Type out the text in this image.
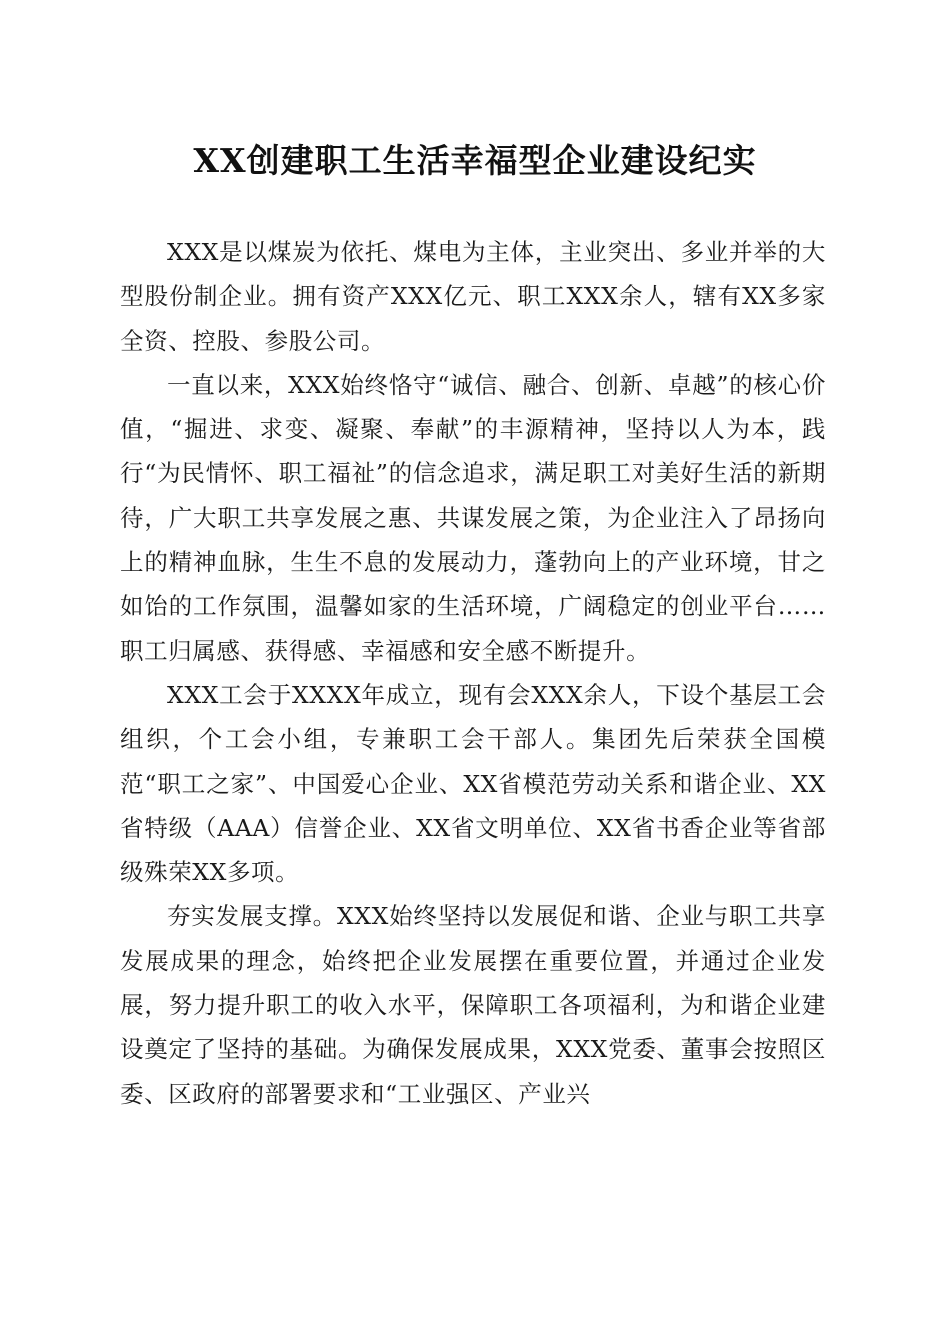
XX创建职工生活幸福型企业建设纪实

XXX是以煤炭为依托、煤电为主体，主业突出、多业并举的大型股份制企业。拥有资产XXX亿元、职工XXX余人，辖有XX多家全资、控股、参股公司。

一直以来，XXX始终恪守“诚信、融合、创新、卓越”的核心价值，“掘进、求变、凝聚、奉献”的丰源精神，坚持以人为本，践行“为民情怀、职工福祉”的信念追求，满足职工对美好生活的新期待，广大职工共享发展之惠、共谋发展之策，为企业注入了昂扬向上的精神血脉，生生不息的发展动力，蓬勃向上的产业环境，甘之如饴的工作氛围，温馨如家的生活环境，广阔稳定的创业平台……职工归属感、获得感、幸福感和安全感不断提升。

XXX工会于XXXX年成立，现有会XXX余人，下设个基层工会组织，个工会小组，专兼职工会干部人。集团先后荣获全国模范“职工之家”、中国爱心企业、XX省模范劳动关系和谐企业、XX省特级（AAA）信誉企业、XX省文明单位、XX省书香企业等省部级殊荣XX多项。

夯实发展支撑。XXX始终坚持以发展促和谐、企业与职工共享发展成果的理念，始终把企业发展摆在重要位置，并通过企业发展，努力提升职工的收入水平，保障职工各项福利，为和谐企业建设奠定了坚持的基础。为确保发展成果，XXX党委、董事会按照区委、区政府的部署要求和“工业强区、产业兴
